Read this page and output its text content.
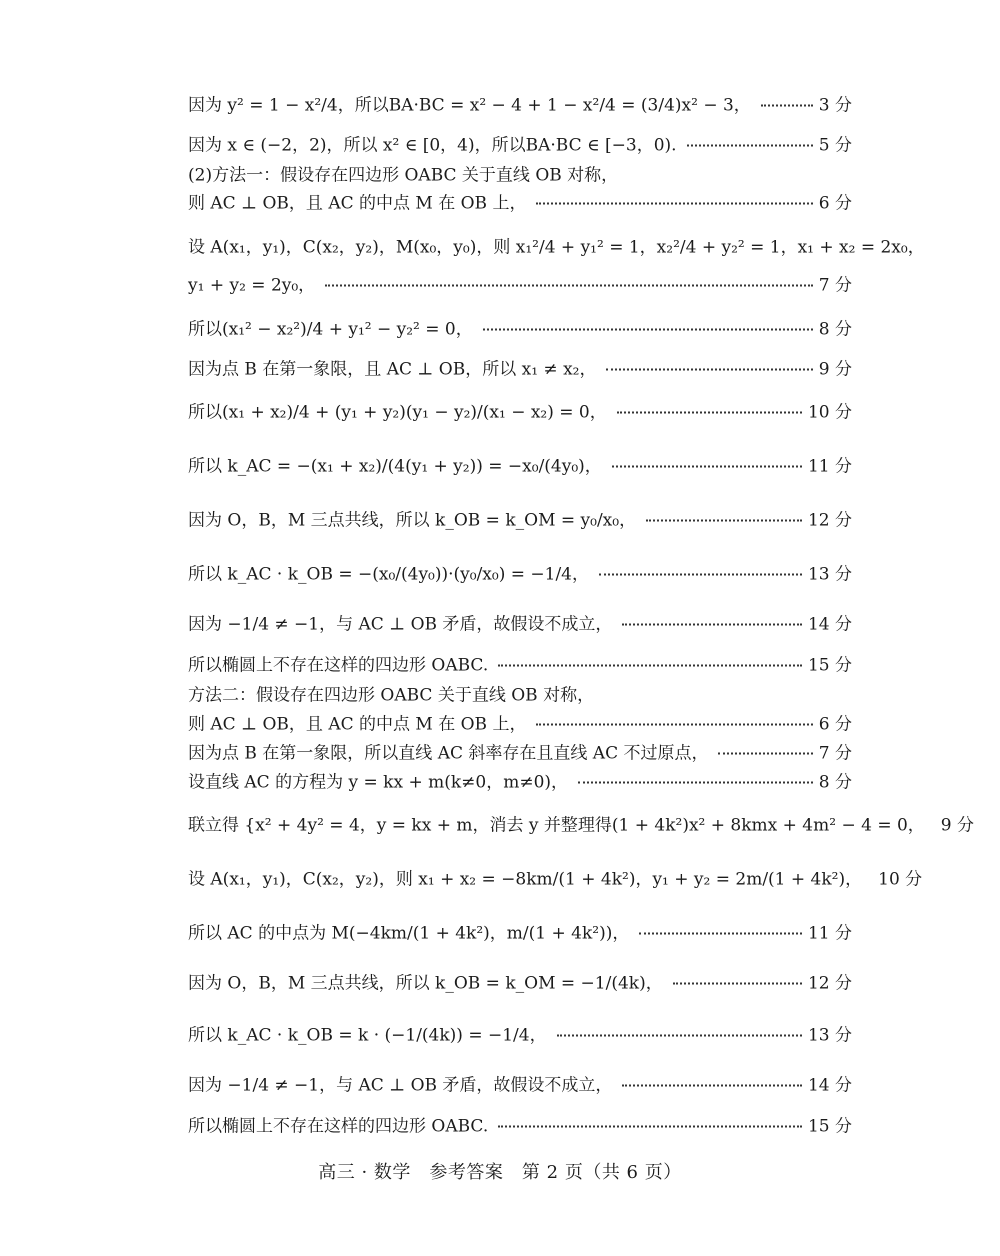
因为 y² = 1 − x²/4，所以BA·BC = x² − 4 + 1 − x²/4 = (3/4)x² − 3，	3 分
因为 x ∈ (−2，2)，所以 x² ∈ [0，4)，所以BA·BC ∈ [−3，0).	5 分
(2)方法一：假设存在四边形 OABC 关于直线 OB 对称，
则 AC ⊥ OB，且 AC 的中点 M 在 OB 上，	6 分
设 A(x₁，y₁)，C(x₂，y₂)，M(x₀，y₀)，则 x₁²/4 + y₁² = 1，x₂²/4 + y₂² = 1，x₁ + x₂ = 2x₀，
y₁ + y₂ = 2y₀，	7 分
所以(x₁² − x₂²)/4 + y₁² − y₂² = 0，	8 分
因为点 B 在第一象限，且 AC ⊥ OB，所以 x₁ ≠ x₂，	9 分
所以(x₁ + x₂)/4 + (y₁ + y₂)(y₁ − y₂)/(x₁ − x₂) = 0，	10 分
所以 k_AC = −(x₁ + x₂)/(4(y₁ + y₂)) = −x₀/(4y₀)，	11 分
因为 O，B，M 三点共线，所以 k_OB = k_OM = y₀/x₀，	12 分
所以 k_AC · k_OB = −(x₀/(4y₀))·(y₀/x₀) = −1/4，	13 分
因为 −1/4 ≠ −1，与 AC ⊥ OB 矛盾，故假设不成立，	14 分
所以椭圆上不存在这样的四边形 OABC.	15 分
方法二：假设存在四边形 OABC 关于直线 OB 对称，
则 AC ⊥ OB，且 AC 的中点 M 在 OB 上，	6 分
因为点 B 在第一象限，所以直线 AC 斜率存在且直线 AC 不过原点，	7 分
设直线 AC 的方程为 y = kx + m(k≠0，m≠0)，	8 分
联立得 {x² + 4y² = 4，y = kx + m，消去 y 并整理得(1 + 4k²)x² + 8kmx + 4m² − 4 = 0， 9 分
设 A(x₁，y₁)，C(x₂，y₂)，则 x₁ + x₂ = −8km/(1 + 4k²)，y₁ + y₂ = 2m/(1 + 4k²)， 10 分
所以 AC 的中点为 M(−4km/(1 + 4k²)，m/(1 + 4k²))，	11 分
因为 O，B，M 三点共线，所以 k_OB = k_OM = −1/(4k)，	12 分
所以 k_AC · k_OB = k · (−1/(4k)) = −1/4，	13 分
因为 −1/4 ≠ −1，与 AC ⊥ OB 矛盾，故假设不成立，	14 分
所以椭圆上不存在这样的四边形 OABC.	15 分
高三 · 数学　参考答案　第 2 页（共 6 页）
